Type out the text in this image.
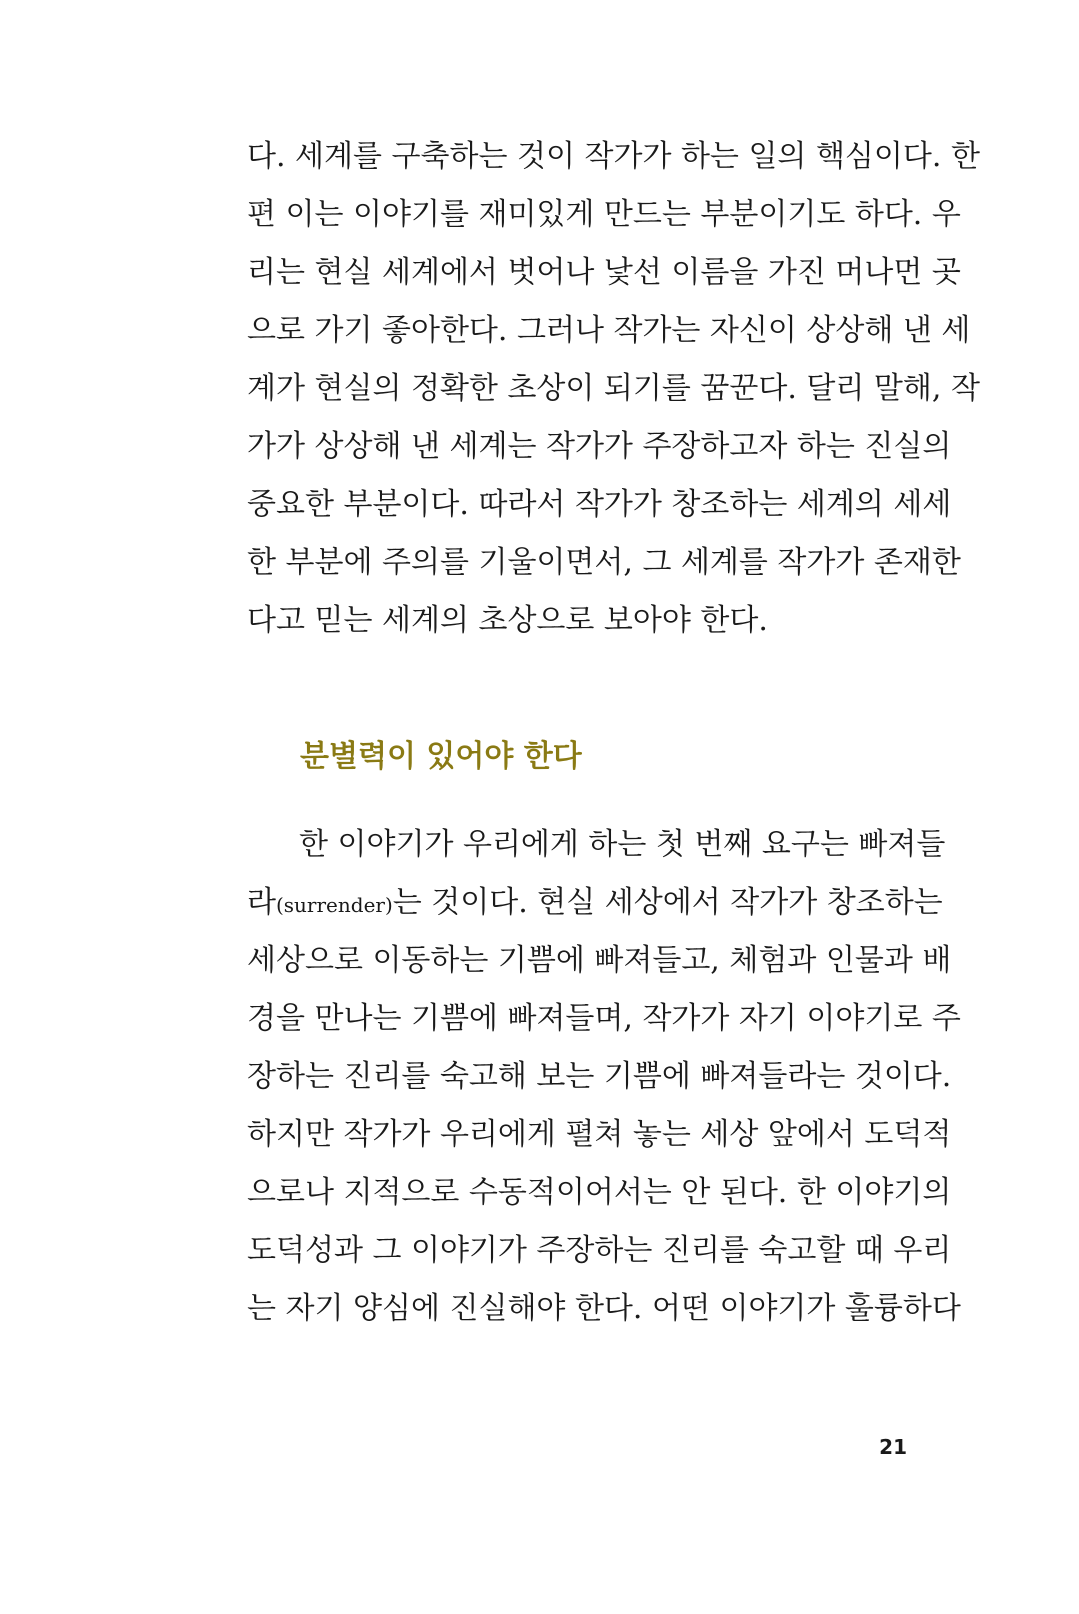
다. 세계를 구축하는 것이 작가가 하는 일의 핵심이다. 한
편 이는 이야기를 재미있게 만드는 부분이기도 하다. 우
리는 현실 세계에서 벗어나 낯선 이름을 가진 머나먼 곳
으로 가기 좋아한다. 그러나 작가는 자신이 상상해 낸 세
계가 현실의 정확한 초상이 되기를 꿈꾼다. 달리 말해, 작
가가 상상해 낸 세계는 작가가 주장하고자 하는 진실의
중요한 부분이다. 따라서 작가가 창조하는 세계의 세세
한 부분에 주의를 기울이면서, 그 세계를 작가가 존재한
다고 믿는 세계의 초상으로 보아야 한다.
분별력이 있어야 한다
한 이야기가 우리에게 하는 첫 번째 요구는 빠져들
라(surrender)는 것이다. 현실 세상에서 작가가 창조하는
세상으로 이동하는 기쁨에 빠져들고, 체험과 인물과 배
경을 만나는 기쁨에 빠져들며, 작가가 자기 이야기로 주
장하는 진리를 숙고해 보는 기쁨에 빠져들라는 것이다.
하지만 작가가 우리에게 펼쳐 놓는 세상 앞에서 도덕적
으로나 지적으로 수동적이어서는 안 된다. 한 이야기의
도덕성과 그 이야기가 주장하는 진리를 숙고할 때 우리
는 자기 양심에 진실해야 한다. 어떤 이야기가 훌륭하다
21
